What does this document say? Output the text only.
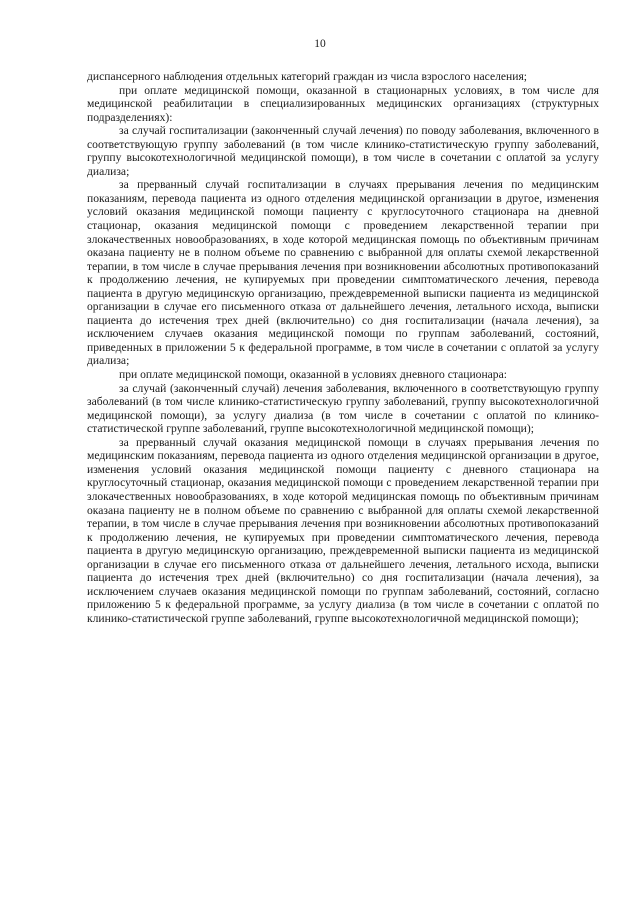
10

диспансерного наблюдения отдельных категорий граждан из числа взрослого населения;

при оплате медицинской помощи, оказанной в стационарных условиях, в том числе для медицинской реабилитации в специализированных медицинских организациях (структурных подразделениях):

за случай госпитализации (законченный случай лечения) по поводу заболевания, включенного в соответствующую группу заболеваний (в том числе клинико-статистическую группу заболеваний, группу высокотехнологичной медицинской помощи), в том числе в сочетании с оплатой за услугу диализа;

за прерванный случай госпитализации в случаях прерывания лечения по медицинским показаниям, перевода пациента из одного отделения медицинской организации в другое, изменения условий оказания медицинской помощи пациенту с круглосуточного стационара на дневной стационар, оказания медицинской помощи с проведением лекарственной терапии при злокачественных новообразованиях, в ходе которой медицинская помощь по объективным причинам оказана пациенту не в полном объеме по сравнению с выбранной для оплаты схемой лекарственной терапии, в том числе в случае прерывания лечения при возникновении абсолютных противопоказаний к продолжению лечения, не купируемых при проведении симптоматического лечения, перевода пациента в другую медицинскую организацию, преждевременной выписки пациента из медицинской организации в случае его письменного отказа от дальнейшего лечения, летального исхода, выписки пациента до истечения трех дней (включительно) со дня госпитализации (начала лечения), за исключением случаев оказания медицинской помощи по группам заболеваний, состояний, приведенных в приложении 5 к федеральной программе, в том числе в сочетании с оплатой за услугу диализа;

при оплате медицинской помощи, оказанной в условиях дневного стационара:

за случай (законченный случай) лечения заболевания, включенного в соответствующую группу заболеваний (в том числе клинико-статистическую группу заболеваний, группу высокотехнологичной медицинской помощи), за услугу диализа (в том числе в сочетании с оплатой по клинико-статистической группе заболеваний, группе высокотехнологичной медицинской помощи);

за прерванный случай оказания медицинской помощи в случаях прерывания лечения по медицинским показаниям, перевода пациента из одного отделения медицинской организации в другое, изменения условий оказания медицинской помощи пациенту с дневного стационара на круглосуточный стационар, оказания медицинской помощи с проведением лекарственной терапии при злокачественных новообразованиях, в ходе которой медицинская помощь по объективным причинам оказана пациенту не в полном объеме по сравнению с выбранной для оплаты схемой лекарственной терапии, в том числе в случае прерывания лечения при возникновении абсолютных противопоказаний к продолжению лечения, не купируемых при проведении симптоматического лечения, перевода пациента в другую медицинскую организацию, преждевременной выписки пациента из медицинской организации в случае его письменного отказа от дальнейшего лечения, летального исхода, выписки пациента до истечения трех дней (включительно) со дня госпитализации (начала лечения), за исключением случаев оказания медицинской помощи по группам заболеваний, состояний, согласно приложению 5 к федеральной программе, за услугу диализа (в том числе в сочетании с оплатой по клинико-статистической группе заболеваний, группе высокотехнологичной медицинской помощи);
